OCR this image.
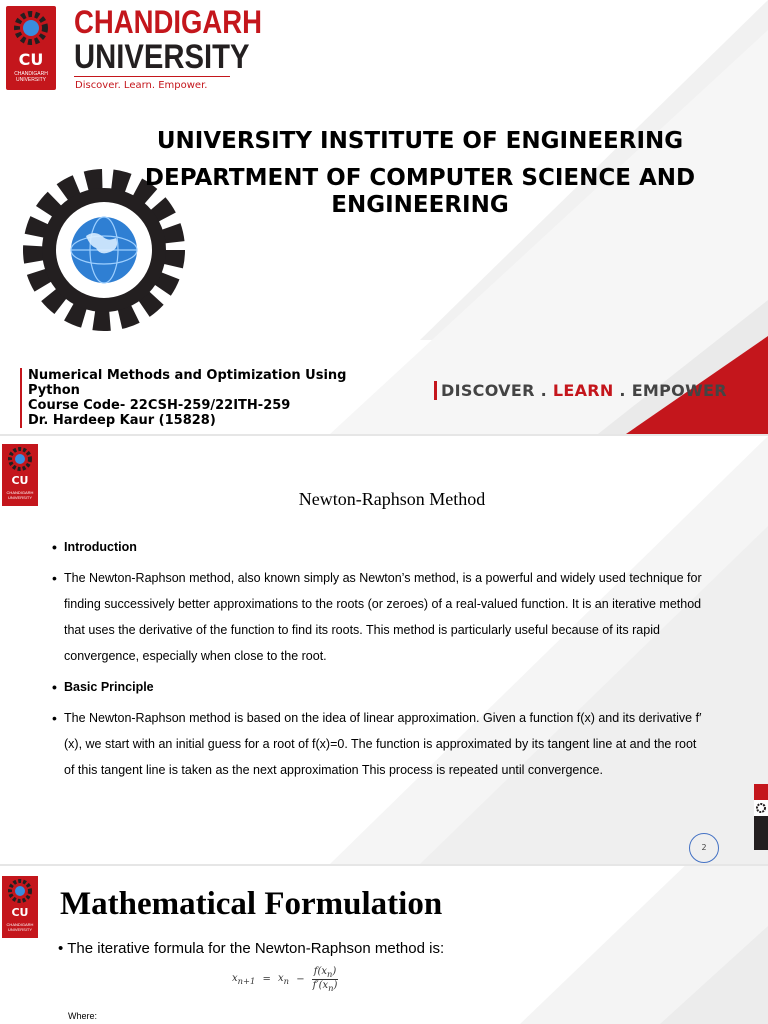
CU
CHANDIGARH UNIVERSITY
CHANDIGARH
UNIVERSITY
Discover. Learn. Empower.
UNIVERSITY INSTITUTE OF ENGINEERING
DEPARTMENT OF COMPUTER SCIENCE AND ENGINEERING
Numerical Methods and Optimization Using Python
Course Code- 22CSH-259/22ITH-259
Dr. Hardeep Kaur (15828)
DISCOVER . LEARN . EMPOWER
CU
CHANDIGARH UNIVERSITY	Newton-Raphson Method
• Introduction
• The Newton-Raphson method, also known simply as Newton’s method, is a powerful and widely used technique for finding successively better approximations to the roots (or zeroes) of a real-valued function. It is an iterative method that uses the derivative of the function to find its roots. This method is particularly useful because of its rapid convergence, especially when close to the root.
• Basic Principle
• The Newton-Raphson method is based on the idea of linear approximation. Given a function f(x) and its derivative f′(x), we start with an initial guess for a root of f(x)=0. The function is approximated by its tangent line at and the root of this tangent line is taken as the next approximation This process is repeated until convergence.
2
CU
CHANDIGARH UNIVERSITY
Mathematical Formulation
• The iterative formula for the Newton-Raphson method is:
$x_{n+1} = x_n - \frac{f(x_n)}{f'(x_n)}$
Where:
